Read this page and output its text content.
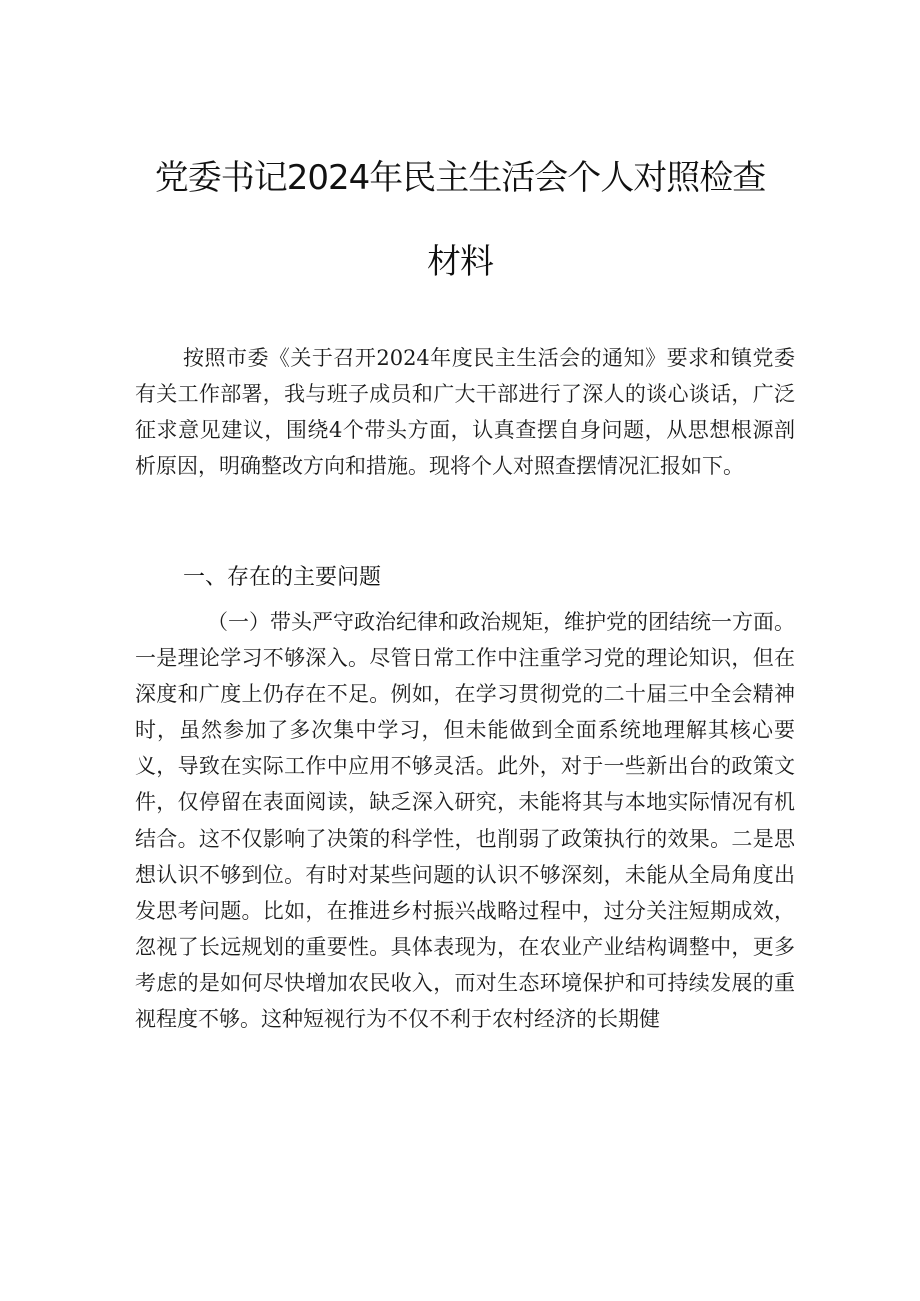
党委书记2024年民主生活会个人对照检查
材料
按照市委《关于召开2024年度民主生活会的通知》要求和镇党委有关工作部署，我与班子成员和广大干部进行了深人的谈心谈话，广泛征求意见建议，围绕4个带头方面，认真查摆自身问题，从思想根源剖析原因，明确整改方向和措施。现将个人对照查摆情况汇报如下。
一、存在的主要问题
（一）带头严守政治纪律和政治规矩，维护党的团结统一方面。一是理论学习不够深入。尽管日常工作中注重学习党的理论知识，但在深度和广度上仍存在不足。例如，在学习贯彻党的二十届三中全会精神时，虽然参加了多次集中学习，但未能做到全面系统地理解其核心要义，导致在实际工作中应用不够灵活。此外，对于一些新出台的政策文件，仅停留在表面阅读，缺乏深入研究，未能将其与本地实际情况有机结合。这不仅影响了决策的科学性，也削弱了政策执行的效果。二是思想认识不够到位。有时对某些问题的认识不够深刻，未能从全局角度出发思考问题。比如，在推进乡村振兴战略过程中，过分关注短期成效，忽视了长远规划的重要性。具体表现为，在农业产业结构调整中，更多考虑的是如何尽快增加农民收入，而对生态环境保护和可持续发展的重视程度不够。这种短视行为不仅不利于农村经济的长期健
